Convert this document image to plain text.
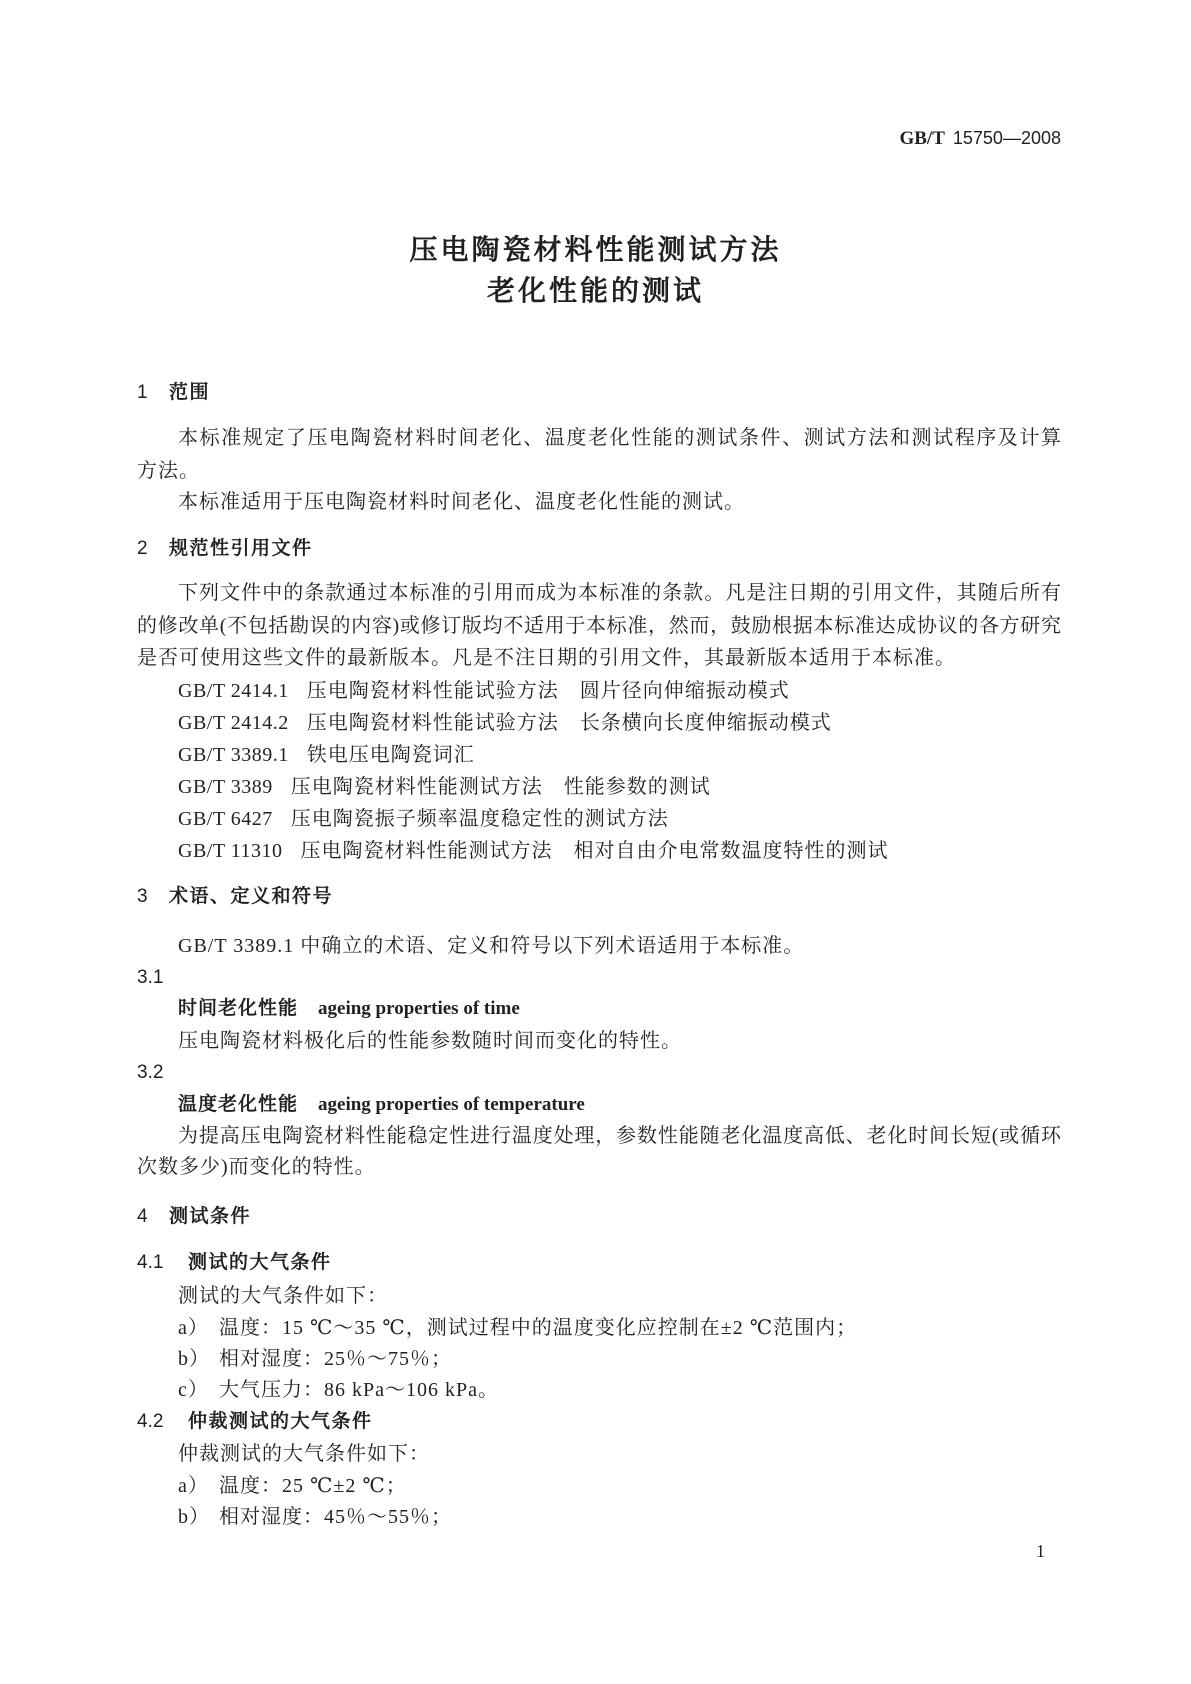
GB/T 15750—2008
压电陶瓷材料性能测试方法
老化性能的测试
1 范围
本标准规定了压电陶瓷材料时间老化、温度老化性能的测试条件、测试方法和测试程序及计算
方法。
本标准适用于压电陶瓷材料时间老化、温度老化性能的测试。
2 规范性引用文件
下列文件中的条款通过本标准的引用而成为本标准的条款。凡是注日期的引用文件，其随后所有
的修改单(不包括勘误的内容)或修订版均不适用于本标准，然而，鼓励根据本标准达成协议的各方研究
是否可使用这些文件的最新版本。凡是不注日期的引用文件，其最新版本适用于本标准。
GB/T 2414.1 压电陶瓷材料性能试验方法　圆片径向伸缩振动模式
GB/T 2414.2 压电陶瓷材料性能试验方法　长条横向长度伸缩振动模式
GB/T 3389.1 铁电压电陶瓷词汇
GB/T 3389 压电陶瓷材料性能测试方法　性能参数的测试
GB/T 6427 压电陶瓷振子频率温度稳定性的测试方法
GB/T 11310 压电陶瓷材料性能测试方法　相对自由介电常数温度特性的测试
3 术语、定义和符号
GB/T 3389.1 中确立的术语、定义和符号以下列术语适用于本标准。
3.1
时间老化性能 ageing properties of time
压电陶瓷材料极化后的性能参数随时间而变化的特性。
3.2
温度老化性能 ageing properties of temperature
为提高压电陶瓷材料性能稳定性进行温度处理，参数性能随老化温度高低、老化时间长短(或循环
次数多少)而变化的特性。
4 测试条件
4.1 测试的大气条件
测试的大气条件如下：
a） 温度：15 ℃～35 ℃，测试过程中的温度变化应控制在±2 ℃范围内；
b） 相对湿度：25％～75％；
c） 大气压力：86 kPa～106 kPa。
4.2 仲裁测试的大气条件
仲裁测试的大气条件如下：
a） 温度：25 ℃±2 ℃；
b） 相对湿度：45％～55％；
1
